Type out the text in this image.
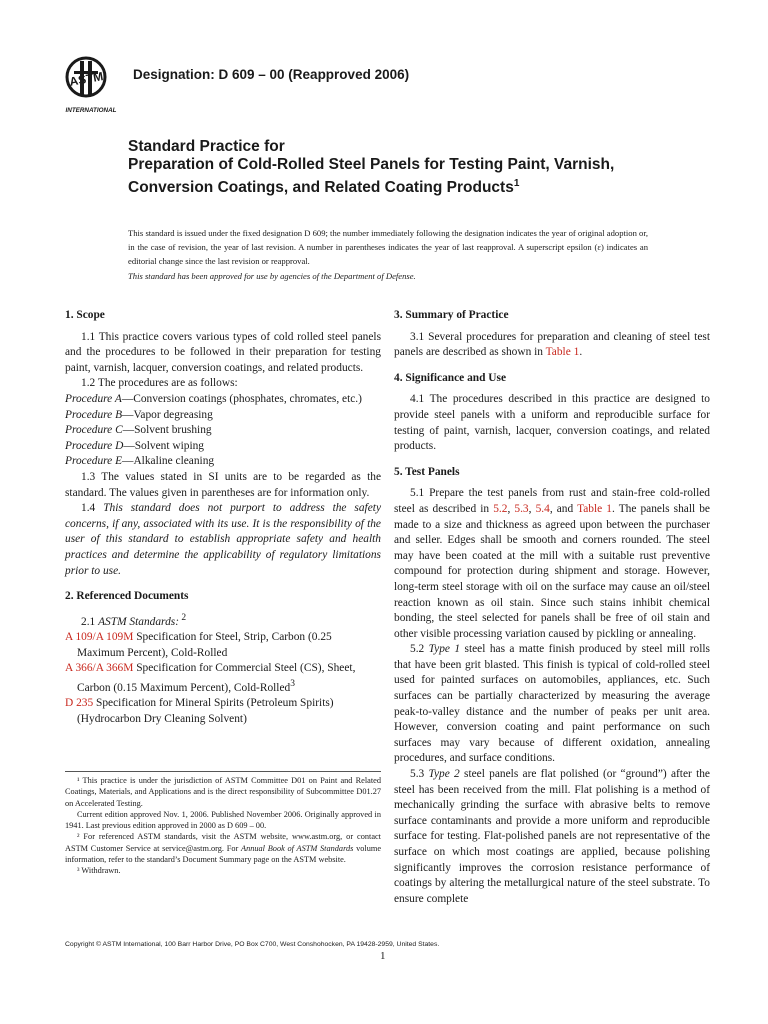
ASTM
INTERNATIONAL
Designation: D 609 – 00 (Reapproved 2006)
Standard Practice for
Preparation of Cold-Rolled Steel Panels for Testing Paint, Varnish, Conversion Coatings, and Related Coating Products$^1$
This standard is issued under the fixed designation D 609; the number immediately following the designation indicates the year of original adoption or, in the case of revision, the year of last revision. A number in parentheses indicates the year of last reapproval. A superscript epsilon (ε) indicates an editorial change since the last revision or reapproval.
This standard has been approved for use by agencies of the Department of Defense.
1. Scope

1.1 This practice covers various types of cold rolled steel panels and the procedures to be followed in their preparation for testing paint, varnish, lacquer, conversion coatings, and related products.

1.2 The procedures are as follows:

Procedure A—Conversion coatings (phosphates, chromates, etc.)
Procedure B—Vapor degreasing
Procedure C—Solvent brushing
Procedure D—Solvent wiping
Procedure E—Alkaline cleaning

1.3 The values stated in SI units are to be regarded as the standard. The values given in parentheses are for information only.

1.4 This standard does not purport to address the safety concerns, if any, associated with its use. It is the responsibility of the user of this standard to establish appropriate safety and health practices and determine the applicability of regulatory limitations prior to use.

2. Referenced Documents

2.1 ASTM Standards: $^2$

A 109/A 109M Specification for Steel, Strip, Carbon (0.25 Maximum Percent), Cold-Rolled
A 366/A 366M Specification for Commercial Steel (CS), Sheet, Carbon (0.15 Maximum Percent), Cold-Rolled$^3$
D 235 Specification for Mineral Spirits (Petroleum Spirits) (Hydrocarbon Dry Cleaning Solvent)
¹ This practice is under the jurisdiction of ASTM Committee D01 on Paint and Related Coatings, Materials, and Applications and is the direct responsibility of Subcommittee D01.27 on Accelerated Testing.
Current edition approved Nov. 1, 2006. Published November 2006. Originally approved in 1941. Last previous edition approved in 2000 as D 609 – 00.
² For referenced ASTM standards, visit the ASTM website, www.astm.org, or contact ASTM Customer Service at service@astm.org. For Annual Book of ASTM Standards volume information, refer to the standard’s Document Summary page on the ASTM website.
³ Withdrawn.
3. Summary of Practice

3.1 Several procedures for preparation and cleaning of steel test panels are described as shown in Table 1.

4. Significance and Use

4.1 The procedures described in this practice are designed to provide steel panels with a uniform and reproducible surface for testing of paint, varnish, lacquer, conversion coatings, and related products.

5. Test Panels

5.1 Prepare the test panels from rust and stain-free cold-rolled steel as described in 5.2, 5.3, 5.4, and Table 1. The panels shall be made to a size and thickness as agreed upon between the purchaser and seller. Edges shall be smooth and corners rounded. The steel may have been coated at the mill with a suitable rust preventive compound for protection during shipment and storage. However, long-term steel storage with oil on the surface may cause an oil/steel reaction known as oil stain. Since such stains inhibit chemical bonding, the steel selected for panels shall be free of oil stain and other visible processing variation caused by pickling or annealing.

5.2 Type 1 steel has a matte finish produced by steel mill rolls that have been grit blasted. This finish is typical of cold-rolled steel used for painted surfaces on automobiles, appliances, etc. Such surfaces can be partially characterized by measuring the average peak-to-valley distance and the number of peaks per unit area. However, conversion coating and paint performance on such surfaces may vary because of different oxidation, annealing procedures, and surface conditions.

5.3 Type 2 steel panels are flat polished (or “ground”) after the steel has been received from the mill. Flat polishing is a method of mechanically grinding the surface with abrasive belts to remove surface contaminants and provide a more uniform and reproducible surface for testing. Flat-polished panels are not representative of the surface on which most coatings are applied, because polishing significantly improves the corrosion resistance performance of coatings by altering the metallurgical nature of the steel substrate. To ensure complete

Copyright © ASTM International, 100 Barr Harbor Drive, PO Box C700, West Conshohocken, PA 19428-2959, United States.
1
